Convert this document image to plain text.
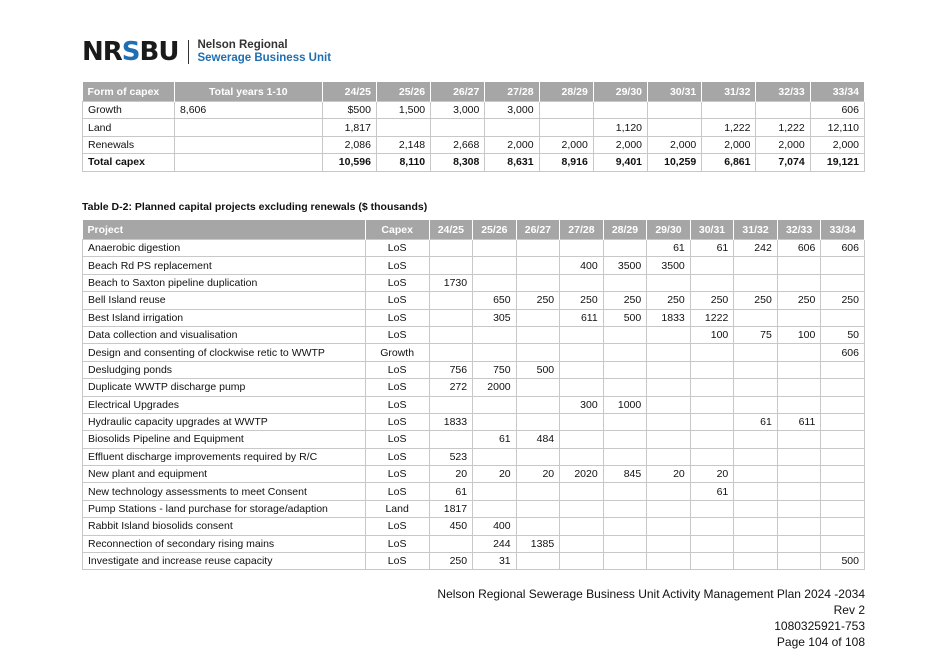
NRSBU Nelson Regional
Sewerage Business Unit
Form of capex	Total years 1-10	24/25	25/26	26/27	27/28	28/29	29/30	30/31	31/32	32/33	33/34
Growth	8,606	$500	1,500	3,000	3,000						606
Land		1,817					1,120		1,222	1,222	12,110
Renewals		2,086	2,148	2,668	2,000	2,000	2,000	2,000	2,000	2,000	2,000
Total capex		10,596	8,110	8,308	8,631	8,916	9,401	10,259	6,861	7,074	19,121
Table D-2: Planned capital projects excluding renewals ($ thousands)
Project	Capex	24/25	25/26	26/27	27/28	28/29	29/30	30/31	31/32	32/33	33/34
Anaerobic digestion	LoS						61	61	242	606	606
Beach Rd PS replacement	LoS				400	3500	3500				
Beach to Saxton pipeline duplication	LoS	1730									
Bell Island reuse	LoS		650	250	250	250	250	250	250	250	250
Best Island irrigation	LoS		305		611	500	1833	1222			
Data collection and visualisation	LoS							100	75	100	50
Design and consenting of clockwise retic to WWTP	Growth										606
Desludging ponds	LoS	756	750	500							
Duplicate WWTP discharge pump	LoS	272	2000								
Electrical Upgrades	LoS				300	1000					
Hydraulic capacity upgrades at WWTP	LoS	1833							61	611	
Biosolids Pipeline and Equipment	LoS		61	484							
Effluent discharge improvements required by R/C	LoS	523									
New plant and equipment	LoS	20	20	20	2020	845	20	20			
New technology assessments to meet Consent	LoS	61						61			
Pump Stations - land purchase for storage/adaption	Land	1817									
Rabbit Island biosolids consent	LoS	450	400								
Reconnection of secondary rising mains	LoS		244	1385							
Investigate and increase reuse capacity	LoS	250	31								500
Nelson Regional Sewerage Business Unit Activity Management Plan 2024 -2034
Rev 2
1080325921-753
Page 104 of 108
